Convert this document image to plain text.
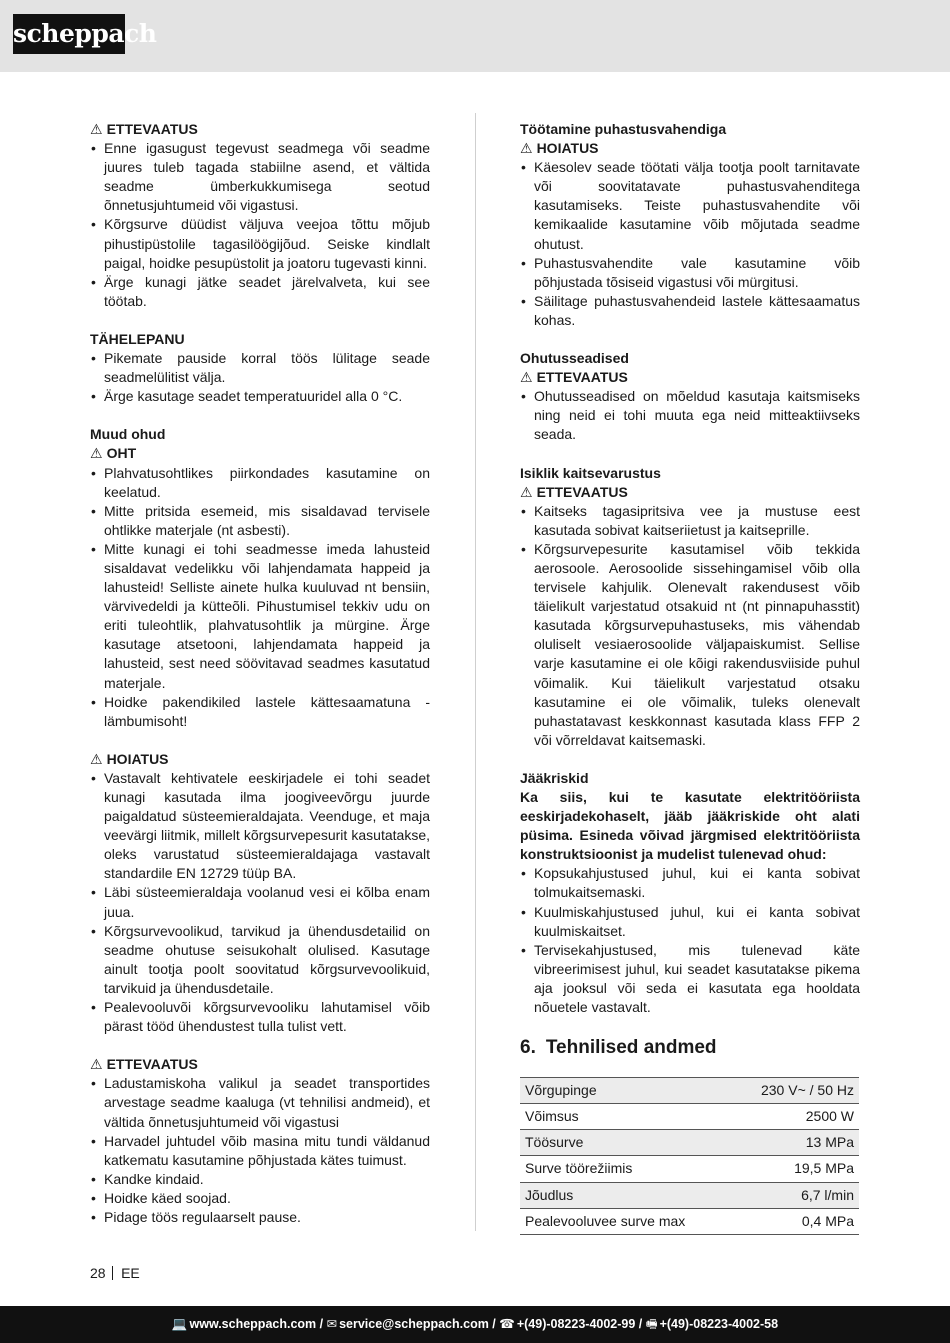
scheppach
⚠ ETTEVAATUS
• Enne igasugust tegevust seadmega või seadme juures tuleb tagada stabiilne asend, et vältida seadme ümberkukkumisega seotud õnnetusjuhtumeid või vigastusi.
• Kõrgsurve düüdist väljuva veejoa tõttu mõjub pihustipüstolile tagasilöögijõud. Seiske kindlalt paigal, hoidke pesupüstolit ja joatoru tugevasti kinni.
• Ärge kunagi jätke seadet järelvalveta, kui see töötab.
TÄHELEPANU
• Pikemate pauside korral töös lülitage seade seadmelülitist välja.
• Ärge kasutage seadet temperatuuridel alla 0 °C.
Muud ohud
⚠ OHT
• Plahvatusohtlikes piirkondades kasutamine on keelatud.
• Mitte pritsida esemeid, mis sisaldavad tervisele ohtlikke materjale (nt asbesti).
• Mitte kunagi ei tohi seadmesse imeda lahusteid sisaldavat vedelikku või lahjendamata happeid ja lahusteid! Selliste ainete hulka kuuluvad nt bensiin, värvivedeldi ja kütteõli. Pihustumisel tekkiv udu on eriti tuleohtlik, plahvatusohtlik ja mürgine. Ärge kasutage atsetooni, lahjendamata happeid ja lahusteid, sest need söövitavad seadmes kasutatud materjale.
• Hoidke pakendikiled lastele kättesaamatuna - lämbumisoht!
⚠ HOIATUS
• Vastavalt kehtivatele eeskirjadele ei tohi seadet kunagi kasutada ilma joogiveevõrgu juurde paigaldatud süsteemieraldajata. Veenduge, et maja veevärgi liitmik, millelt kõrgsurvepesurit kasutatakse, oleks varustatud süsteemieraldajaga vastavalt standardile EN 12729 tüüp BA.
• Läbi süsteemieraldaja voolanud vesi ei kõlba enam juua.
• Kõrgsurvevoolikud, tarvikud ja ühendusdetailid on seadme ohutuse seisukohalt olulised. Kasutage ainult tootja poolt soovitatud kõrgsurvevoolikuid, tarvikuid ja ühendusdetaile.
• Pealevooluvõi kõrgsurvevooliku lahutamisel võib pärast tööd ühendustest tulla tulist vett.
⚠ ETTEVAATUS
• Ladustamiskoha valikul ja seadet transportides arvestage seadme kaaluga (vt tehnilisi andmeid), et vältida õnnetusjuhtumeid või vigastusi
• Harvadel juhtudel võib masina mitu tundi väldanud katkematu kasutamine põhjustada kätes tuimust.
• Kandke kindaid.
• Hoidke käed soojad.
• Pidage töös regulaarselt pause.
Töötamine puhastusvahendiga
⚠ HOIATUS
• Käesolev seade töötati välja tootja poolt tarnitavate või soovitatavate puhastusvahenditega kasutamiseks. Teiste puhastusvahendite või kemikaalide kasutamine võib mõjutada seadme ohutust.
• Puhastusvahendite vale kasutamine võib põhjustada tõsiseid vigastusi või mürgitusi.
• Säilitage puhastusvahendeid lastele kättesaamatus kohas.
Ohutusseadised
⚠ ETTEVAATUS
• Ohutusseadised on mõeldud kasutaja kaitsmiseks ning neid ei tohi muuta ega neid mitteaktiivseks seada.
Isiklik kaitsevarustus
⚠ ETTEVAATUS
• Kaitseks tagasipritsiva vee ja mustuse eest kasutada sobivat kaitseriietust ja kaitseprille.
• Kõrgsurvepesurite kasutamisel võib tekkida aerosoole. Aerosoolide sissehingamisel võib olla tervisele kahjulik. Olenevalt rakendusest võib täielikult varjestatud otsakuid nt (nt pinnapuhasstit) kasutada kõrgsurvepuhastuseks, mis vähendab oluliselt vesiaerosoolide väljapaiskumist. Sellise varje kasutamine ei ole kõigi rakendusviiside puhul võimalik. Kui täielikult varjestatud otsaku kasutamine ei ole võimalik, tuleks olenevalt puhastatavast keskkonnast kasutada klass FFP 2 või võrreldavat kaitsemaski.
Jääkriskid
Ka siis, kui te kasutate elektritööriista eeskirjadekohaselt, jääb jääkriskide oht alati püsima. Esineda võivad järgmised elektritööriista konstruktsioonist ja mudelist tulenevad ohud:
• Kopsukahjustused juhul, kui ei kanta sobivat tolmukaitsemaski.
• Kuulmiskahjustused juhul, kui ei kanta sobivat kuulmiskaitset.
• Tervisekahjustused, mis tulenevad käte vibreerimisest juhul, kui seadet kasutatakse pikema aja jooksul või seda ei kasutata ega hooldata nõuetele vastavalt.
6. Tehnilised andmed
Võrgupinge	230 V~ / 50 Hz
Võimsus	2500 W
Töösurve	13 MPa
Surve töörežiimis	19,5 MPa
Jõudlus	6,7 l/min
Pealevooluvee surve max	0,4 MPa
28 EE
💻 www.scheppach.com / ✉ service@scheppach.com / ☎ +(49)-08223-4002-99 / 🖷 +(49)-08223-4002-58
